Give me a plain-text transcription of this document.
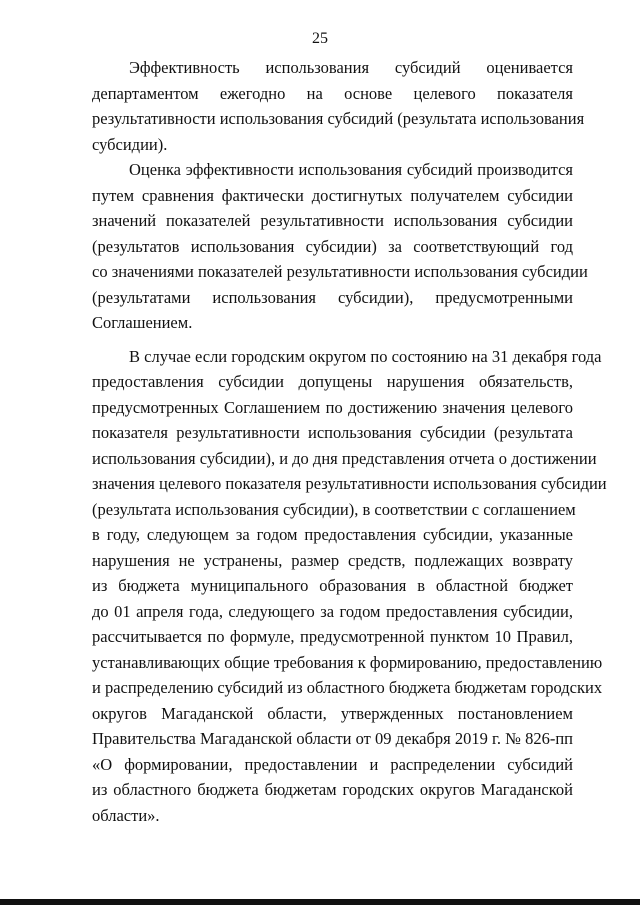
25
Эффективность использования субсидий оценивается
департаментом ежегодно на основе целевого показателя
результативности использования субсидий (результата использования
субсидии).
Оценка эффективности использования субсидий производится
путем сравнения фактически достигнутых получателем субсидии
значений показателей результативности использования субсидии
(результатов использования субсидии) за соответствующий год
со значениями показателей результативности использования субсидии
(результатами использования субсидии), предусмотренными
Соглашением.
В случае если городским округом по состоянию на 31 декабря года
предоставления субсидии допущены нарушения обязательств,
предусмотренных Соглашением по достижению значения целевого
показателя результативности использования субсидии (результата
использования субсидии), и до дня представления отчета о достижении
значения целевого показателя результативности использования субсидии
(результата использования субсидии), в соответствии с соглашением
в году, следующем за годом предоставления субсидии, указанные
нарушения не устранены, размер средств, подлежащих возврату
из бюджета муниципального образования в областной бюджет
до 01 апреля года, следующего за годом предоставления субсидии,
рассчитывается по формуле, предусмотренной пунктом 10 Правил,
устанавливающих общие требования к формированию, предоставлению
и распределению субсидий из областного бюджета бюджетам городских
округов Магаданской области, утвержденных постановлением
Правительства Магаданской области от 09 декабря 2019 г. № 826-пп
«О формировании, предоставлении и распределении субсидий
из областного бюджета бюджетам городских округов Магаданской
области».
